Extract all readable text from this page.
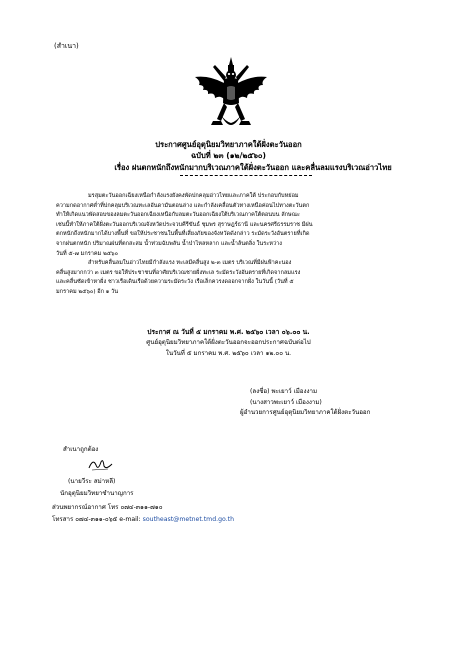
(สำเนา)
ประกาศศูนย์อุตุนิยมวิทยาภาคใต้ฝั่งตะวันออก
ฉบับที่ ๒๓ (๑๒/๒๕๖๐)
เรื่อง ฝนตกหนักถึงหนักมากบริเวณภาคใต้ฝั่งตะวันออก และคลื่นลมแรงบริเวณอ่าวไทย
มรสุมตะวันออกเฉียงเหนือกำลังแรงยังคงพัดปกคลุมอ่าวไทยและภาคใต้ ประกอบกับหย่อม
ความกดอากาศต่ำที่ปกคลุมบริเวณทะเลอันดามันตอนล่าง และกำลังเคลื่อนตัวทางเหนือค่อนไปทางตะวันตก
ทำให้เกิดแนวพัดสอบของลมตะวันออกเฉียงเหนือกับลมตะวันออกเฉียงใต้บริเวณภาคใต้ตอนบน ลักษณะ
เช่นนี้ทำให้ภาคใต้ฝั่งตะวันออกบริเวณจังหวัดประจวบคีรีขันธ์ ชุมพร สุราษฎร์ธานี และนครศรีธรรมราช มีฝน
ตกหนักถึงหนักมากได้บางพื้นที่ ขอให้ประชาชนในพื้นที่เสี่ยงภัยของจังหวัดดังกล่าว ระมัดระวังอันตรายที่เกิด
จากฝนตกหนัก ปริมาณฝนที่ตกสะสม น้ำท่วมฉับพลัน น้ำป่าไหลหลาก และน้ำล้นตลิ่ง ในระหว่าง
วันที่ ๕-๗ มกราคม ๒๕๖๐
สำหรับคลื่นลมในอ่าวไทยมีกำลังแรง ทะเลมีคลื่นสูง ๒-๓ เมตร บริเวณที่มีฝนฟ้าคะนอง
คลื่นสูงมากกว่า ๓ เมตร ขอให้ประชาชนที่อาศัยบริเวณชายฝั่งทะเล ระมัดระวังอันตรายที่เกิดจากลมแรง
และคลื่นซัดเข้าหาฝั่ง ชาวเรือเดินเรือด้วยความระมัดระวัง เรือเล็กควรงดออกจากฝั่ง ในวันนี้ (วันที่ ๕
มกราคม ๒๕๖๐) อีก ๑ วัน
ประกาศ ณ วันที่ ๕ มกราคม พ.ศ. ๒๕๖๐ เวลา ๐๖.๐๐ น.
ศูนย์อุตุนิยมวิทยาภาคใต้ฝั่งตะวันออกจะออกประกาศฉบับต่อไป
ในวันที่ ๕ มกราคม พ.ศ. ๒๕๖๐ เวลา ๑๒.๐๐ น.
(ลงชื่อ) พะเยาว์ เมืองงาม
(นางสาวพะเยาว์ เมืองงาม)
ผู้อำนวยการศูนย์อุตุนิยมวิทยาภาคใต้ฝั่งตะวันออก
สำเนาถูกต้อง
(นายวีระ สม่าหลี)
นักอุตุนิยมวิทยาชำนาญการ
ส่วนพยากรณ์อากาศ โทร ๐๗๔-๓๑๑-๗๑๐
โทรสาร ๐๗๔-๓๑๑-๐๖๕ e-mail: southeast@metnet.tmd.go.th
